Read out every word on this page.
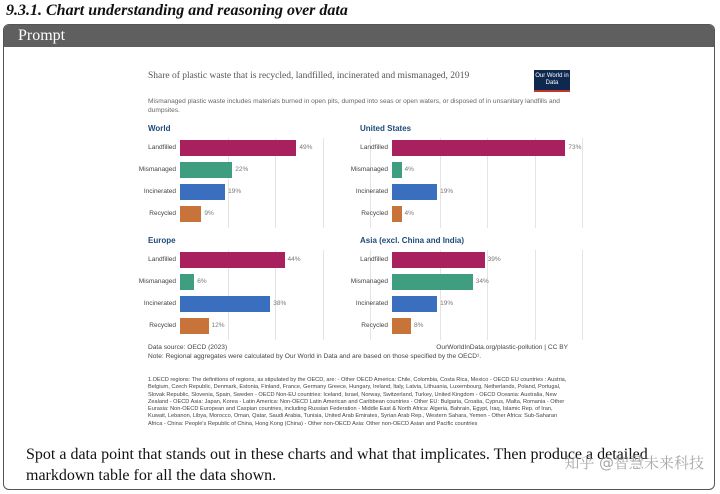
9.3.1. Chart understanding and reasoning over data
Prompt
Share of plastic waste that is recycled, landfilled, incinerated and mismanaged, 2019
Mismanaged plastic waste includes materials burned in open pits, dumped into seas or open waters, or disposed of in unsanitary landfills and dumpsites.
Our World in Data
World
Landfilled	49%
Mismanaged	22%
Incinerated	19%
Recycled	9%
United States
Landfilled	73%
Mismanaged	4%
Incinerated	19%
Recycled	4%
Europe
Landfilled	44%
Mismanaged	6%
Incinerated	38%
Recycled	12%
Asia (excl. China and India)
Landfilled	39%
Mismanaged	34%
Incinerated	19%
Recycled	8%
Data source: OECD (2023)
Note: Regional aggregates were calculated by Our World in Data and are based on those specified by the OECD¹.
OurWorldInData.org/plastic-pollution | CC BY
1.OECD regions: The definitions of regions, as stipulated by the OECD, are: - Other OECD America: Chile, Colombia, Costa Rica, Mexico - OECD EU countries : Austria, Belgium, Czech Republic, Denmark, Estonia, Finland, France, Germany Greece, Hungary, Ireland, Italy, Latvia, Lithuania, Luxembourg, Netherlands, Poland, Portugal, Slovak Republic, Slovenia, Spain, Sweden - OECD Non-EU countries: Iceland, Israel, Norway, Switzerland, Turkey, United Kingdom - OECD Oceania: Australia, New Zealand - OECD Asia: Japan, Korea - Latin America: Non-OECD Latin American and Caribbean countries - Other EU: Bulgaria, Croatia, Cyprus, Malta, Romania - Other Eurasia: Non-OECD European and Caspian countries, including Russian Federation - Middle East & North Africa: Algeria, Bahrain, Egypt, Iraq, Islamic Rep. of Iran, Kuwait, Lebanon, Libya, Morocco, Oman, Qatar, Saudi Arabia, Tunisia, United Arab Emirates, Syrian Arab Rep., Western Sahara, Yemen - Other Africa: Sub-Saharan Africa - China: People's Republic of China, Hong Kong (China) - Other non-OECD Asia: Other non-OECD Asian and Pacific countries
Spot a data point that stands out in these charts and what that implicates. Then produce a detailed markdown table for all the data shown.
知乎 @智慧未来科技
